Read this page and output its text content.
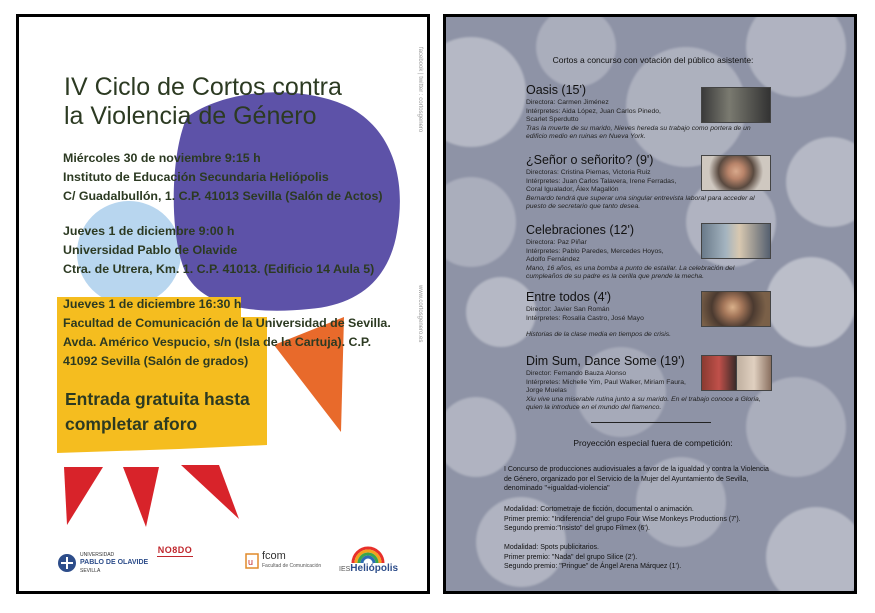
IV Ciclo de Cortos contra
la Violencia de Género	facebook | twitter : cortosgenero
www.cortosgenero.es
Miércoles 30 de noviembre 9:15 h
Instituto de Educación Secundaria Heliópolis
C/ Guadalbullón, 1. C.P. 41013 Sevilla (Salón de Actos)
Jueves 1 de diciembre 9:00 h
Universidad Pablo de Olavide
Ctra. de Utrera, Km. 1. C.P. 41013. (Edificio 14 Aula 5)
Jueves 1 de diciembre 16:30 h
Facultad de Comunicación de la Universidad de Sevilla.
Avda. Américo Vespucio, s/n (Isla de la Cartuja). C.P.
41092 Sevilla (Salón de grados)
Entrada gratuita hasta
completar aforo
UNIVERSIDAD
PABLO DE OLAVIDE
SEVILLA
NO8DO
u fcom
Facultad de Comunicación	IESHeliópolis
Cortos a concurso con votación del público asistente:
Oasis (15')
Directora: Carmen Jiménez
Intérpretes: Aida López, Juan Carlos Pinedo,
Scarlet Sperdutto
Tras la muerte de su marido, Nieves hereda su trabajo como portera de un
edificio medio en ruinas en Nueva York.
¿Señor o señorito? (9')
Directoras: Cristina Piernas, Victoria Ruiz
Intérpretes: Juan Carlos Talavera, Irene Ferradas,
Coral Igualador, Álex Magallón
Bernardo tendrá que superar una singular entrevista laboral para acceder al
puesto de secretario que tanto desea.
Celebraciones (12')
Directora: Paz Piñar
Intérpretes: Pablo Paredes, Mercedes Hoyos,
Adolfo Fernández
Mano, 16 años, es una bomba a punto de estallar. La celebración del
cumpleaños de su padre es la cerilla que prende la mecha.
Entre todos (4')
Director: Javier San Román
Intérpretes: Rosalía Castro, José Mayo
Historias de la clase media en tiempos de crisis.
Dim Sum, Dance Some (19')
Director: Fernando Bauza Alonso
Intérpretes: Michelle Yim, Paul Walker, Miriam Faura,
Jorge Muelas
Xiu vive una miserable rutina junto a su marido. En el trabajo conoce a Gloria,
quien la introduce en el mundo del flamenco.
Proyección especial fuera de competición:
I Concurso de producciones audiovisuales a favor de la igualdad y contra la Violencia
de Género, organizado por el Servicio de la Mujer del Ayuntamiento de Sevilla,
denominado "+igualdad-violencia"
Modalidad: Cortometraje de ficción, documental o animación.
Primer premio: "Indiferencia" del grupo Four Wise Monkeys Productions (7').
Segundo premio:"Insisto" del grupo Filmex (6').
Modalidad: Spots publicitarios.
Primer premio: "Nada" del grupo Silice (2').
Segundo premio: "Pringue" de Ángel Arena Márquez (1').
